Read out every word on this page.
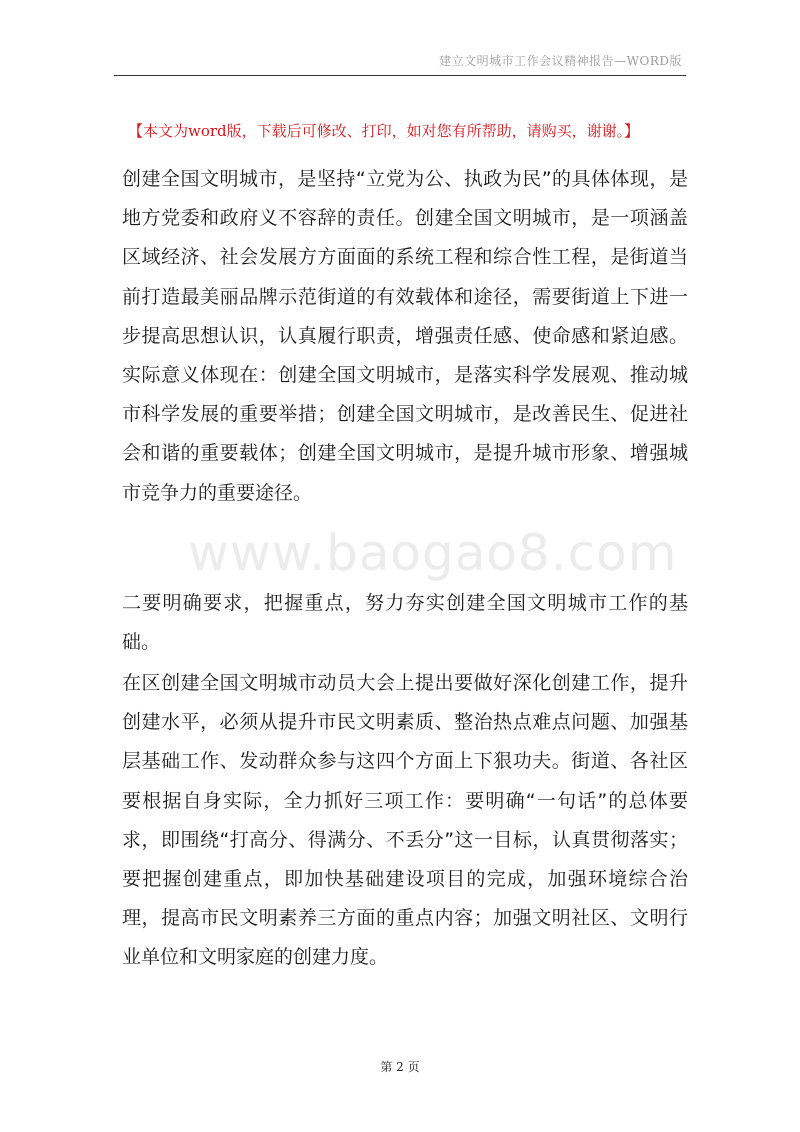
建立文明城市工作会议精神报告—WORD版
【本文为word版，下载后可修改、打印，如对您有所帮助，请购买，谢谢。】
www.baogao8.com

创建全国文明城市，是坚持“立党为公、执政为民”的具体体现，是地方党委和政府义不容辞的责任。创建全国文明城市，是一项涵盖区域经济、社会发展方方面面的系统工程和综合性工程，是街道当前打造最美丽品牌示范街道的有效载体和途径，需要街道上下进一步提高思想认识，认真履行职责，增强责任感、使命感和紧迫感。实际意义体现在：创建全国文明城市，是落实科学发展观、推动城市科学发展的重要举措；创建全国文明城市，是改善民生、促进社会和谐的重要载体；创建全国文明城市，是提升城市形象、增强城市竞争力的重要途径。

二要明确要求，把握重点，努力夯实创建全国文明城市工作的基础。

在区创建全国文明城市动员大会上提出要做好深化创建工作，提升创建水平，必须从提升市民文明素质、整治热点难点问题、加强基层基础工作、发动群众参与这四个方面上下狠功夫。街道、各社区要根据自身实际，全力抓好三项工作：要明确“一句话”的总体要求，即围绕“打高分、得满分、不丢分”这一目标，认真贯彻落实；要把握创建重点，即加快基础建设项目的完成，加强环境综合治理，提高市民文明素养三方面的重点内容；加强文明社区、文明行业单位和文明家庭的创建力度。

第 2 页
